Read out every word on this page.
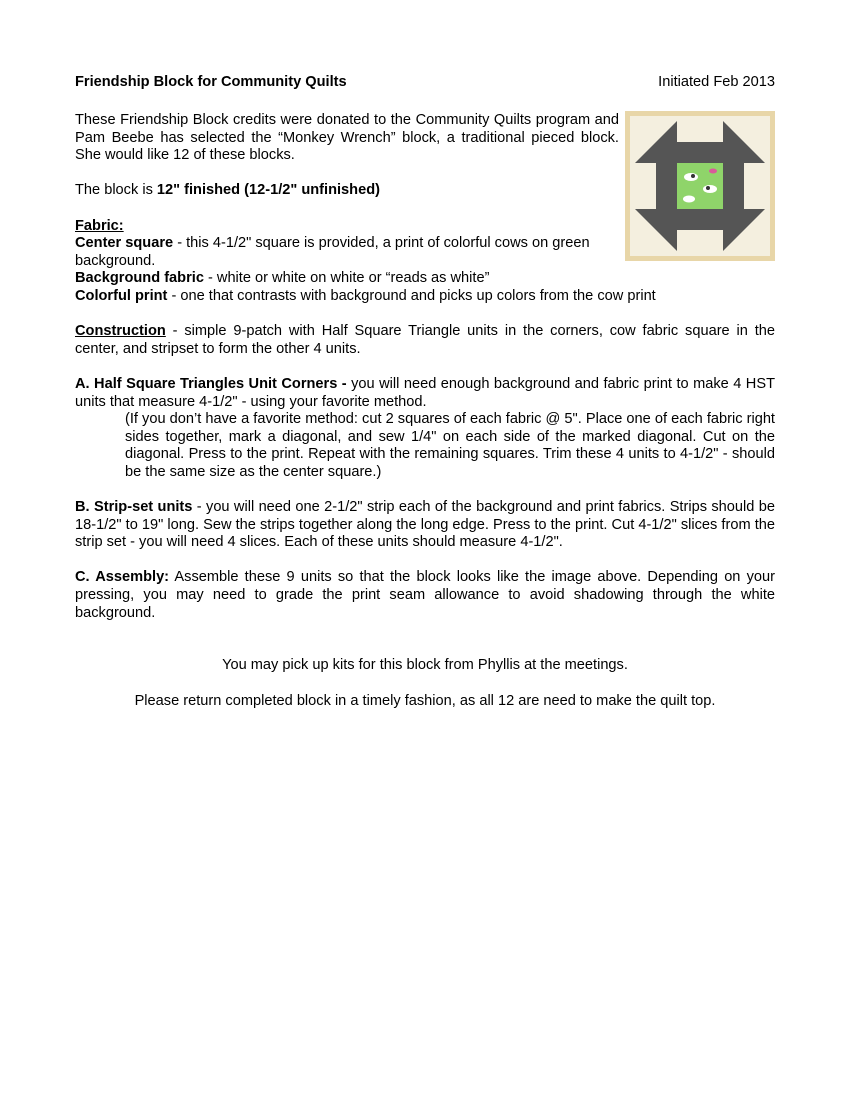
Friendship Block for Community Quilts	Initiated Feb 2013

These Friendship Block credits were donated to the Community Quilts program and Pam Beebe has selected the “Monkey Wrench” block, a traditional pieced block. She would like 12 of these blocks.

The block is 12" finished (12-1/2" unfinished)

Fabric:

Center square - this 4-1/2" square is provided, a print of colorful cows on green background.

Background fabric - white or white on white or “reads as white”

Colorful print - one that contrasts with background and picks up colors from the cow print

Construction - simple 9-patch with Half Square Triangle units in the corners, cow fabric square in the center, and stripset to form the other 4 units.

A. Half Square Triangles Unit Corners - you will need enough background and fabric print to make 4 HST units that measure 4-1/2" - using your favorite method.

(If you don’t have a favorite method: cut 2 squares of each fabric @ 5". Place one of each fabric right sides together, mark a diagonal, and sew 1/4" on each side of the marked diagonal. Cut on the diagonal. Press to the print. Repeat with the remaining squares. Trim these 4 units to 4-1/2" - should be the same size as the center square.)

B. Strip-set units - you will need one 2-1/2" strip each of the background and print fabrics. Strips should be 18-1/2" to 19" long. Sew the strips together along the long edge. Press to the print. Cut 4-1/2" slices from the strip set - you will need 4 slices. Each of these units should measure 4-1/2".

C. Assembly: Assemble these 9 units so that the block looks like the image above. Depending on your pressing, you may need to grade the print seam allowance to avoid shadowing through the white background.

You may pick up kits for this block from Phyllis at the meetings.

Please return completed block in a timely fashion, as all 12 are need to make the quilt top.
